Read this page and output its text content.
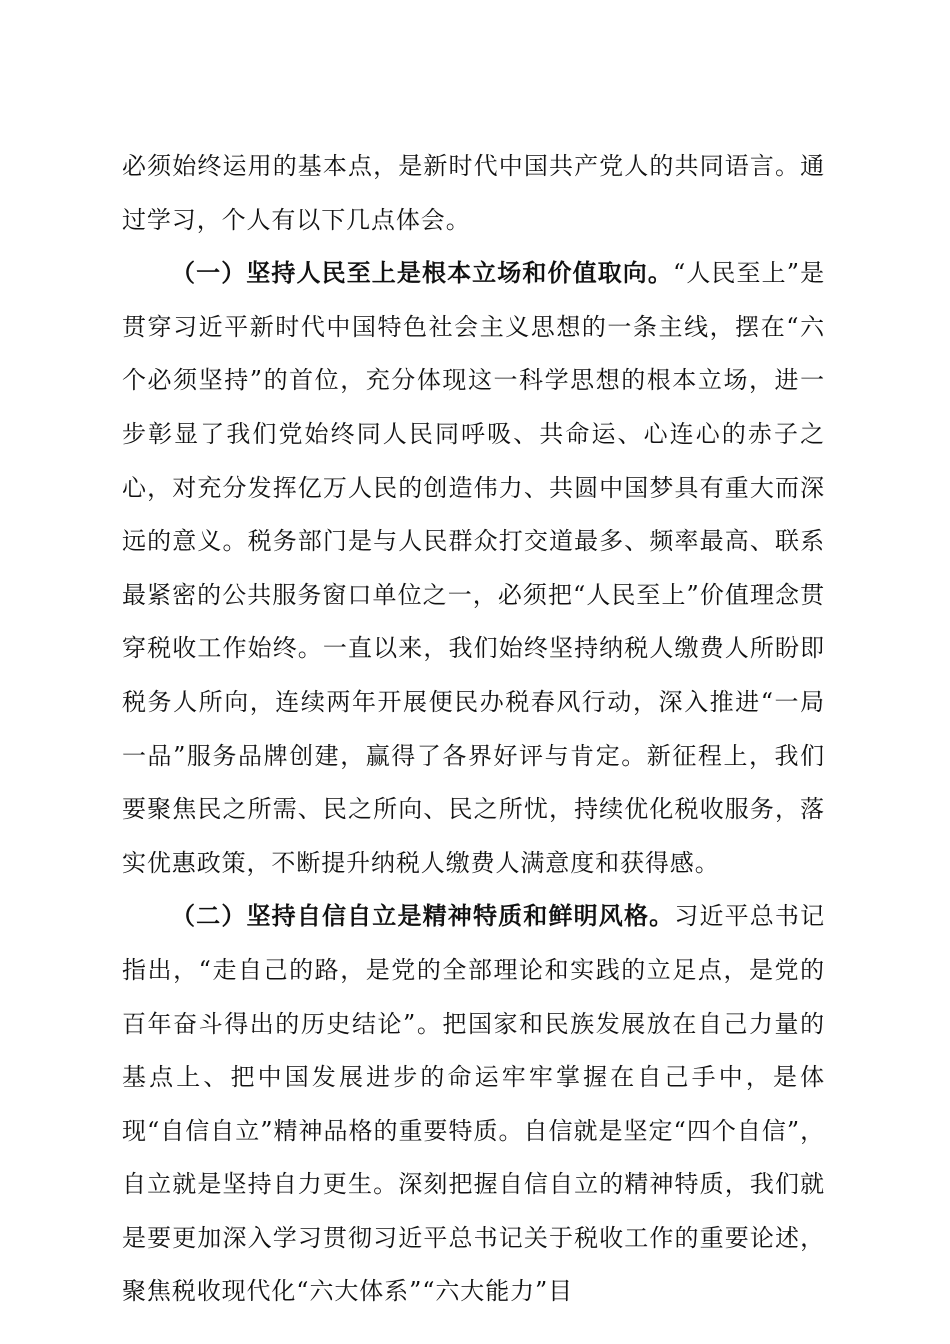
必须始终运用的基本点，是新时代中国共产党人的共同语言。通过学习，个人有以下几点体会。

（一）坚持人民至上是根本立场和价值取向。“人民至上”是贯穿习近平新时代中国特色社会主义思想的一条主线，摆在“六个必须坚持”的首位，充分体现这一科学思想的根本立场，进一步彰显了我们党始终同人民同呼吸、共命运、心连心的赤子之心，对充分发挥亿万人民的创造伟力、共圆中国梦具有重大而深远的意义。税务部门是与人民群众打交道最多、频率最高、联系最紧密的公共服务窗口单位之一，必须把“人民至上”价值理念贯穿税收工作始终。一直以来，我们始终坚持纳税人缴费人所盼即税务人所向，连续两年开展便民办税春风行动，深入推进“一局一品”服务品牌创建，赢得了各界好评与肯定。新征程上，我们要聚焦民之所需、民之所向、民之所忧，持续优化税收服务，落实优惠政策，不断提升纳税人缴费人满意度和获得感。

（二）坚持自信自立是精神特质和鲜明风格。习近平总书记指出，“走自己的路，是党的全部理论和实践的立足点，是党的百年奋斗得出的历史结论”。把国家和民族发展放在自己力量的基点上、把中国发展进步的命运牢牢掌握在自己手中，是体现“自信自立”精神品格的重要特质。自信就是坚定“四个自信”，自立就是坚持自力更生。深刻把握自信自立的精神特质，我们就是要更加深入学习贯彻习近平总书记关于税收工作的重要论述，聚焦税收现代化“六大体系”“六大能力”目
